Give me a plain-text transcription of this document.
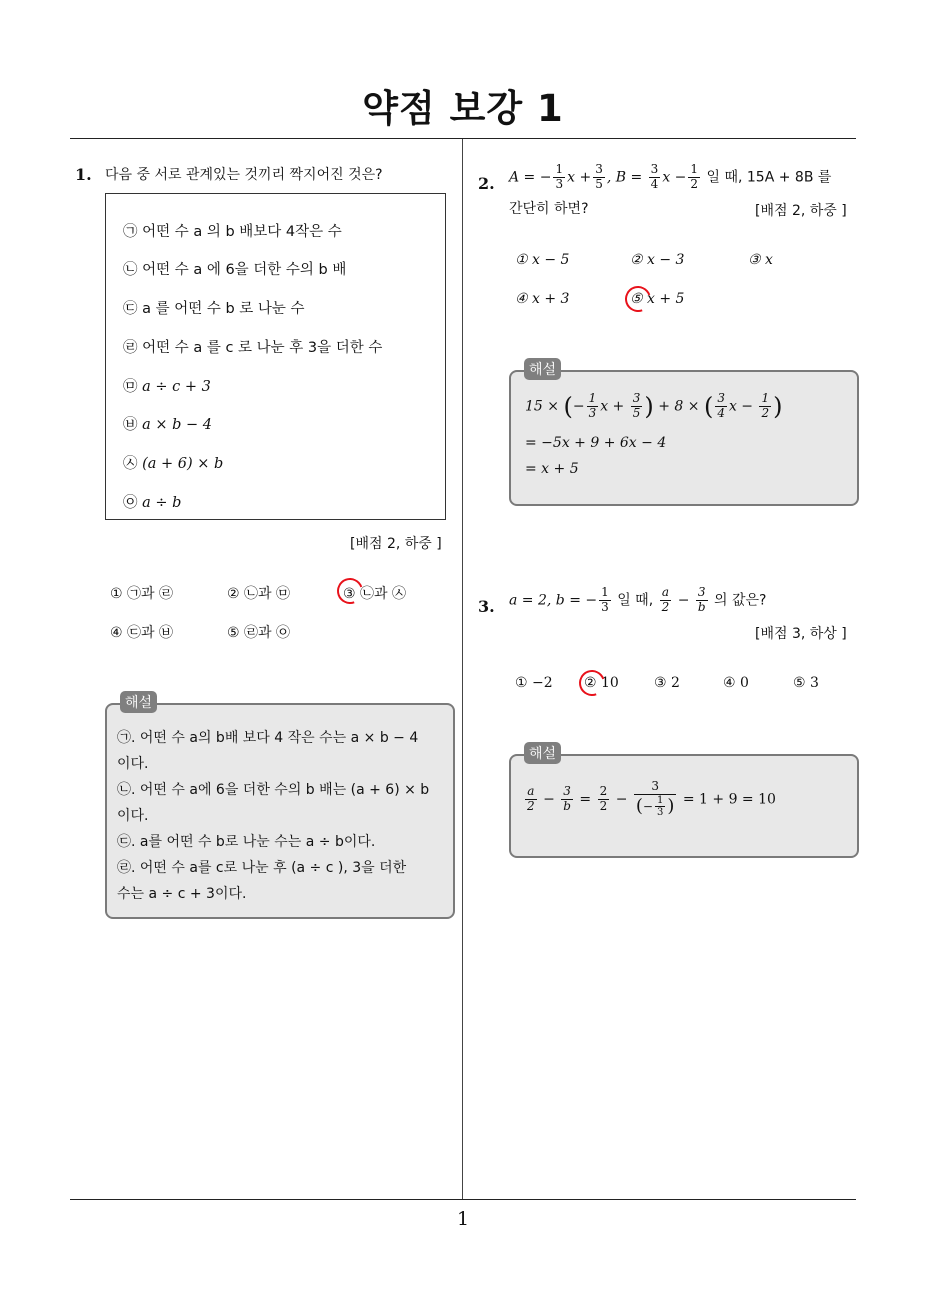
약점 보강 1
1. 다음 중 서로 관계있는 것끼리 짝지어진 것은?
㉠ 어떤 수 a 의 b 배보다 4작은 수
㉡ 어떤 수 a 에 6을 더한 수의 b 배
㉢ a 를 어떤 수 b 로 나눈 수
㉣ 어떤 수 a 를 c 로 나눈 후 3을 더한 수
㉤ a ÷ c + 3
㉥ a × b − 4
㉦ (a + 6) × b
㉧ a ÷ b
[배점 2, 하중 ]
① ㉠과 ㉣	② ㉡과 ㉤	③ ㉡과 ㉦
④ ㉢과 ㉥	⑤ ㉣과 ㉧
㉠. 어떤 수 a의 b배 보다 4 작은 수는 a × b − 4
이다.
㉡. 어떤 수 a에 6을 더한 수의 b 배는 (a + 6) × b
이다.
㉢. a를 어떤 수 b로 나눈 수는 a ÷ b이다.
㉣. 어떤 수 a를 c로 나눈 후 (a ÷ c ), 3을 더한
수는 a ÷ c + 3이다.
해설
2. A = − $\frac{1}{3}$ $x + \frac{3}{5}$ , $B = \frac{3}{4}$ $x - \frac{1}{2}$ 일 때, 15A + 8B 를
간단히 하면?	[배점 2, 하중 ]
① x − 5	② x − 3	③ x
④ x + 3	⑤ x + 5
15 × (− $\frac{1}{3}$ $x + \frac{3}{5}$ ) + 8 × ( $\frac{3}{4}$ $x - \frac{1}{2}$ )
= −5x + 9 + 6x − 4
= x + 5
해설
3. a = 2, b = − $\frac{1}{3}$ 일 때, $\frac{a}{2} - \frac{3}{b}$ 의 값은?
[배점 3, 하상 ]
① −2 ② 10	③ 2	④ 0	⑤ 3
$\frac{a}{2} - \frac{3}{b} = \frac{2}{2} - \frac{3}{(- \frac{1}{3} )} = 1 + 9 = 10$
해설
1
